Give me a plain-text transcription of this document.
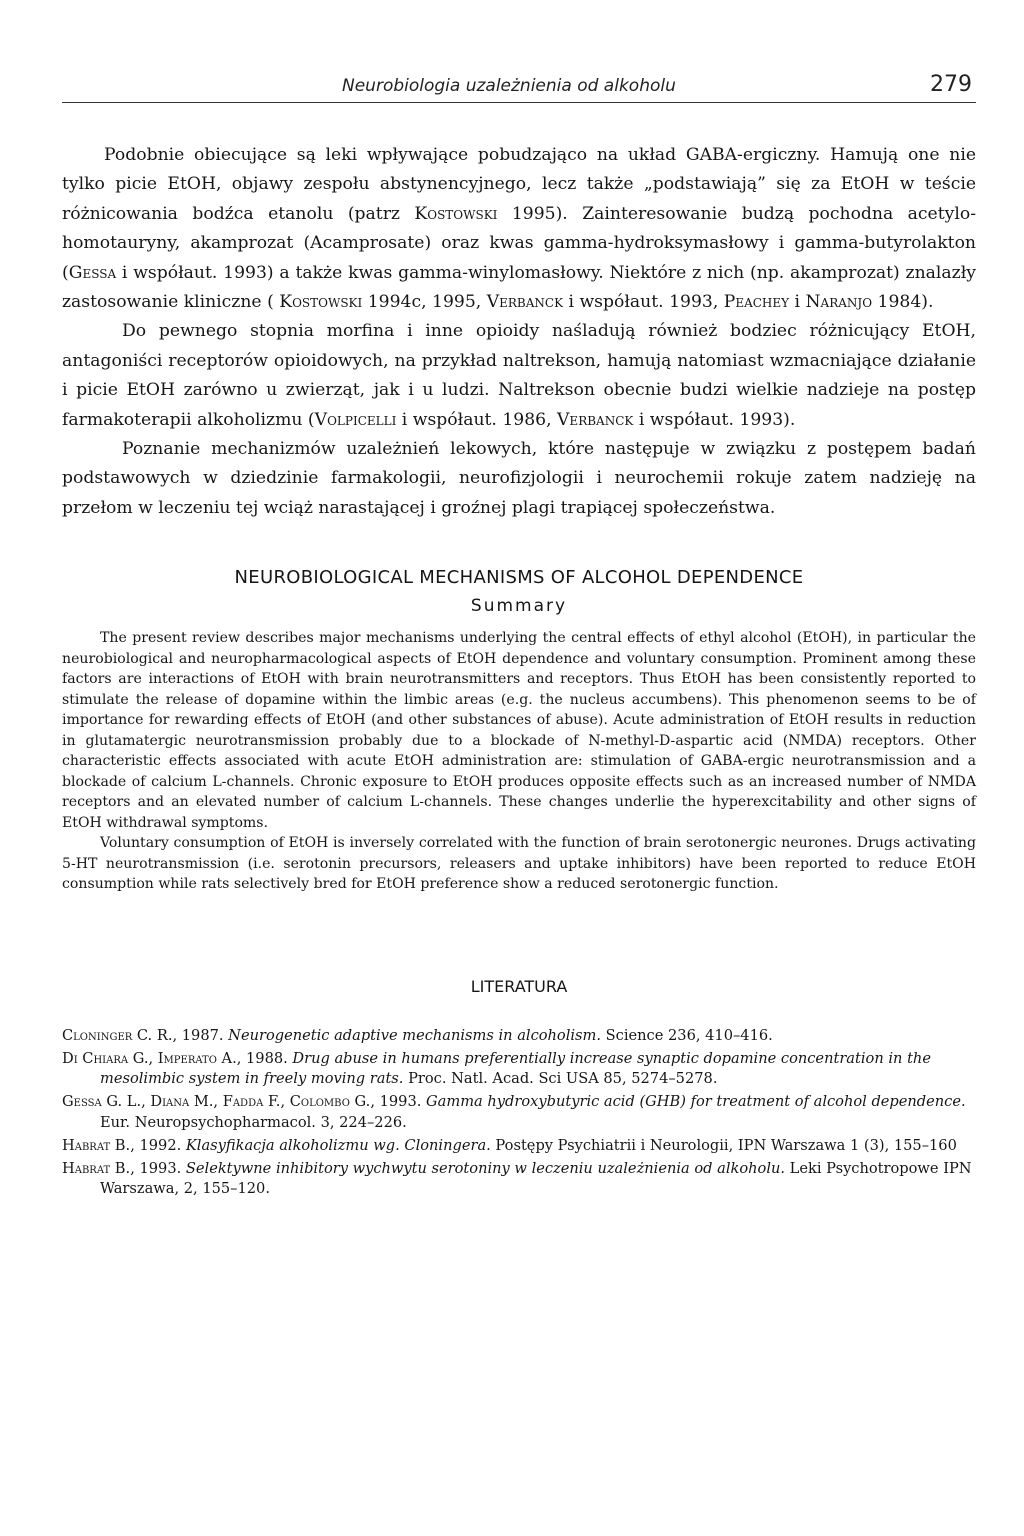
Neurobiologia uzależnienia od alkoholu	279

Podobnie obiecujące są leki wpływające pobudzająco na układ GABA-ergiczny. Hamują one nie tylko picie EtOH, objawy zespołu abstynencyjnego, lecz także „podstawiają” się za EtOH w teście różnicowania bodźca etanolu (patrz Kostowski 1995). Zainteresowanie budzą pochodna acetylo-homotauryny, akamprozat (Acamprosate) oraz kwas gamma-hydroksymasłowy i gamma-butyrolakton (Gessa i współaut. 1993) a także kwas gamma-winylomasłowy. Niektóre z nich (np. akamprozat) znalazły zastosowanie kliniczne ( Kostowski 1994c, 1995, Verbanck i współaut. 1993, Peachey i Naranjo 1984).

Do pewnego stopnia morfina i inne opioidy naśladują również bodziec różnicujący EtOH, antagoniści receptorów opioidowych, na przykład naltrekson, hamują natomiast wzmacniające działanie i picie EtOH zarówno u zwierząt, jak i u ludzi. Naltrekson obecnie budzi wielkie nadzieje na postęp farmakoterapii alkoholizmu (Volpicelli i współaut. 1986, Verbanck i współaut. 1993).

Poznanie mechanizmów uzależnień lekowych, które następuje w związku z postępem badań podstawowych w dziedzinie farmakologii, neurofizjologii i neurochemii rokuje zatem nadzieję na przełom w leczeniu tej wciąż narastającej i groźnej plagi trapiącej społeczeństwa.

NEUROBIOLOGICAL MECHANISMS OF ALCOHOL DEPENDENCE
Summary

The present review describes major mechanisms underlying the central effects of ethyl alcohol (EtOH), in particular the neurobiological and neuropharmacological aspects of EtOH dependence and voluntary consumption. Prominent among these factors are interactions of EtOH with brain neurotransmitters and receptors. Thus EtOH has been consistently reported to stimulate the release of dopamine within the limbic areas (e.g. the nucleus accumbens). This phenomenon seems to be of importance for rewarding effects of EtOH (and other substances of abuse). Acute administration of EtOH results in reduction in glutamatergic neurotransmission probably due to a blockade of N-methyl-D-aspartic acid (NMDA) receptors. Other characteristic effects associated with acute EtOH administration are: stimulation of GABA-ergic neurotransmission and a blockade of calcium L-channels. Chronic exposure to EtOH produces opposite effects such as an increased number of NMDA receptors and an elevated number of calcium L-channels. These changes underlie the hyperexcitability and other signs of EtOH withdrawal symptoms.

Voluntary consumption of EtOH is inversely correlated with the function of brain serotonergic neurones. Drugs activating 5-HT neurotransmission (i.e. serotonin precursors, releasers and uptake inhibitors) have been reported to reduce EtOH consumption while rats selectively bred for EtOH preference show a reduced serotonergic function.

LITERATURA
Cloninger C. R., 1987. Neurogenetic adaptive mechanisms in alcoholism. Science 236, 410–416.
Di Chiara G., Imperato A., 1988. Drug abuse in humans preferentially increase synaptic dopamine concentration in the mesolimbic system in freely moving rats. Proc. Natl. Acad. Sci USA 85, 5274–5278.
Gessa G. L., Diana M., Fadda F., Colombo G., 1993. Gamma hydroxybutyric acid (GHB) for treatment of alcohol dependence. Eur. Neuropsychopharmacol. 3, 224–226.
Habrat B., 1992. Klasyfikacja alkoholizmu wg. Cloningera. Postępy Psychiatrii i Neurologii, IPN Warszawa 1 (3), 155–160
Habrat B., 1993. Selektywne inhibitory wychwytu serotoniny w leczeniu uzależnienia od alkoholu. Leki Psychotropowe IPN Warszawa, 2, 155–120.
